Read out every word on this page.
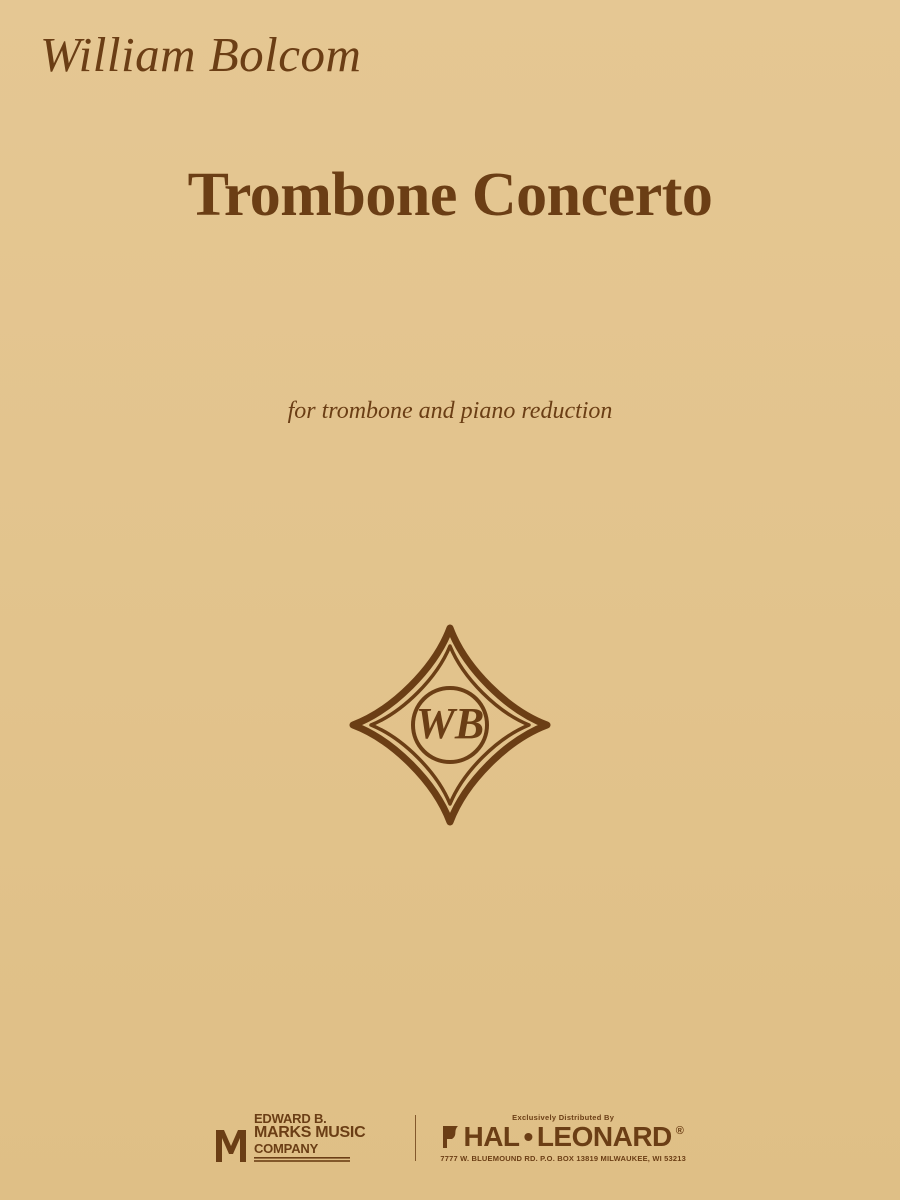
William Bolcom
Trombone Concerto
for trombone and piano reduction
WB
EDWARD B.
MARKS MUSIC
COMPANY
Exclusively Distributed By
HAL • LEONARD ®
7777 W. BLUEMOUND RD. P.O. BOX 13819 MILWAUKEE, WI 53213
